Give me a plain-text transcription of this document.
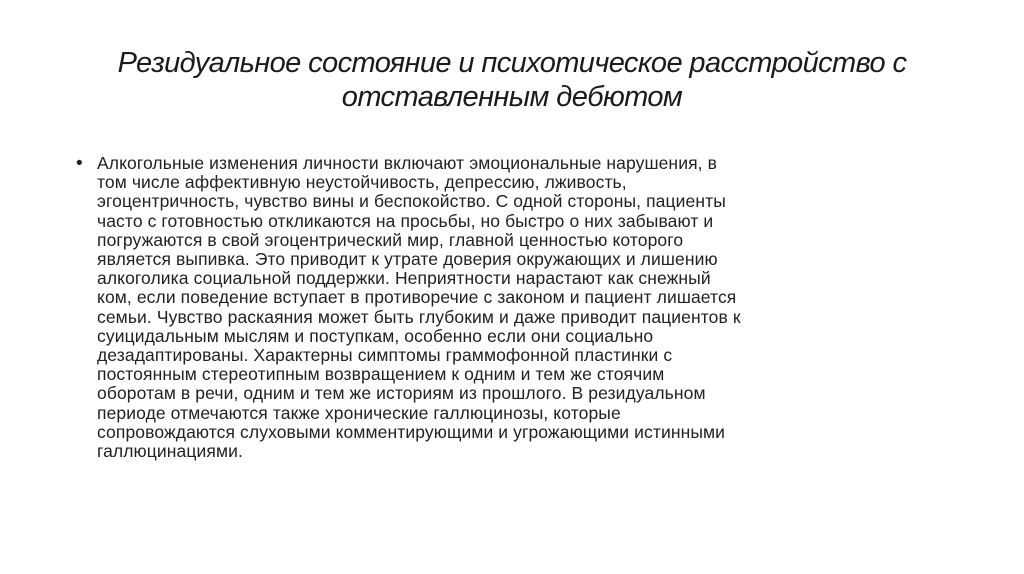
Резидуальное состояние и психотическое расстройство с
отставленным дебютом
• Алкогольные изменения личности включают эмоциональные нарушения, в
том числе аффективную неустойчивость, депрессию, лживость,
эгоцентричность, чувство вины и беспокойство. С одной стороны, пациенты
часто с готовностью откликаются на просьбы, но быстро о них забывают и
погружаются в свой эгоцентрический мир, главной ценностью которого
является выпивка. Это приводит к утрате доверия окружающих и лишению
алкоголика социальной поддержки. Неприятности нарастают как снежный
ком, если поведение вступает в противоречие с законом и пациент лишается
семьи. Чувство раскаяния может быть глубоким и даже приводит пациентов к
суицидальным мыслям и поступкам, особенно если они социально
дезадаптированы. Характерны симптомы граммофонной пластинки с
постоянным стереотипным возвращением к одним и тем же стоячим
оборотам в речи, одним и тем же историям из прошлого. В резидуальном
периоде отмечаются также хронические галлюцинозы, которые
сопровождаются слуховыми комментирующими и угрожающими истинными
галлюцинациями.
